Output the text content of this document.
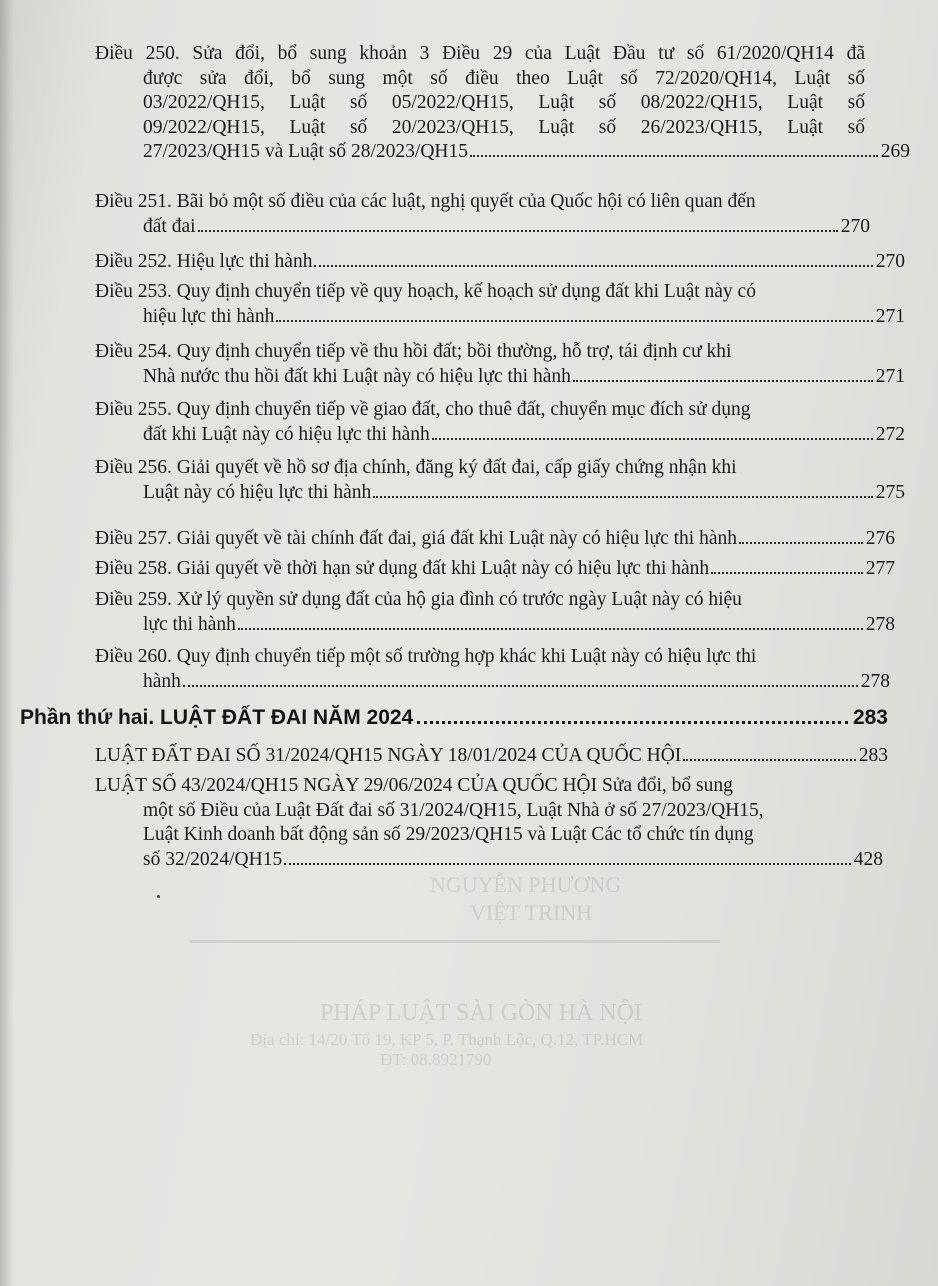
NGUYỄN PHƯƠNG
VIỆT TRINH
PHÁP LUẬT SÀI GÒN HÀ NỘI
Địa chỉ: 14/20 Tổ 19, KP 5, P. Thạnh Lộc, Q.12, TP.HCM
ĐT: 08.8921790
Điều 250. Sửa đổi, bổ sung khoản 3 Điều 29 của Luật Đầu tư số 61/2020/QH14 đã
được sửa đổi, bổ sung một số điều theo Luật số 72/2020/QH14, Luật số
03/2022/QH15, Luật số 05/2022/QH15, Luật số 08/2022/QH15, Luật số
09/2022/QH15, Luật số 20/2023/QH15, Luật số 26/2023/QH15, Luật số
27/2023/QH15 và Luật số 28/2023/QH15	269
Điều 251. Bãi bỏ một số điều của các luật, nghị quyết của Quốc hội có liên quan đến
đất đai	270
Điều 252. Hiệu lực thi hành	270
Điều 253. Quy định chuyển tiếp về quy hoạch, kế hoạch sử dụng đất khi Luật này có
hiệu lực thi hành	271
Điều 254. Quy định chuyển tiếp về thu hồi đất; bồi thường, hỗ trợ, tái định cư khi
Nhà nước thu hồi đất khi Luật này có hiệu lực thi hành	271
Điều 255. Quy định chuyển tiếp về giao đất, cho thuê đất, chuyển mục đích sử dụng
đất khi Luật này có hiệu lực thi hành	272
Điều 256. Giải quyết về hồ sơ địa chính, đăng ký đất đai, cấp giấy chứng nhận khi
Luật này có hiệu lực thi hành	275
Điều 257. Giải quyết về tài chính đất đai, giá đất khi Luật này có hiệu lực thi hành	276
Điều 258. Giải quyết về thời hạn sử dụng đất khi Luật này có hiệu lực thi hành	277
Điều 259. Xử lý quyền sử dụng đất của hộ gia đình có trước ngày Luật này có hiệu
lực thi hành	278
Điều 260. Quy định chuyển tiếp một số trường hợp khác khi Luật này có hiệu lực thi
hành	278
Phần thứ hai. LUẬT ĐẤT ĐAI NĂM 2024	283
LUẬT ĐẤT ĐAI SỐ 31/2024/QH15 NGÀY 18/01/2024 CỦA QUỐC HỘI	283
LUẬT SỐ 43/2024/QH15 NGÀY 29/06/2024 CỦA QUỐC HỘI Sửa đổi, bổ sung
một số Điều của Luật Đất đai số 31/2024/QH15, Luật Nhà ở số 27/2023/QH15,
Luật Kinh doanh bất động sản số 29/2023/QH15 và Luật Các tổ chức tín dụng
số 32/2024/QH15	428
